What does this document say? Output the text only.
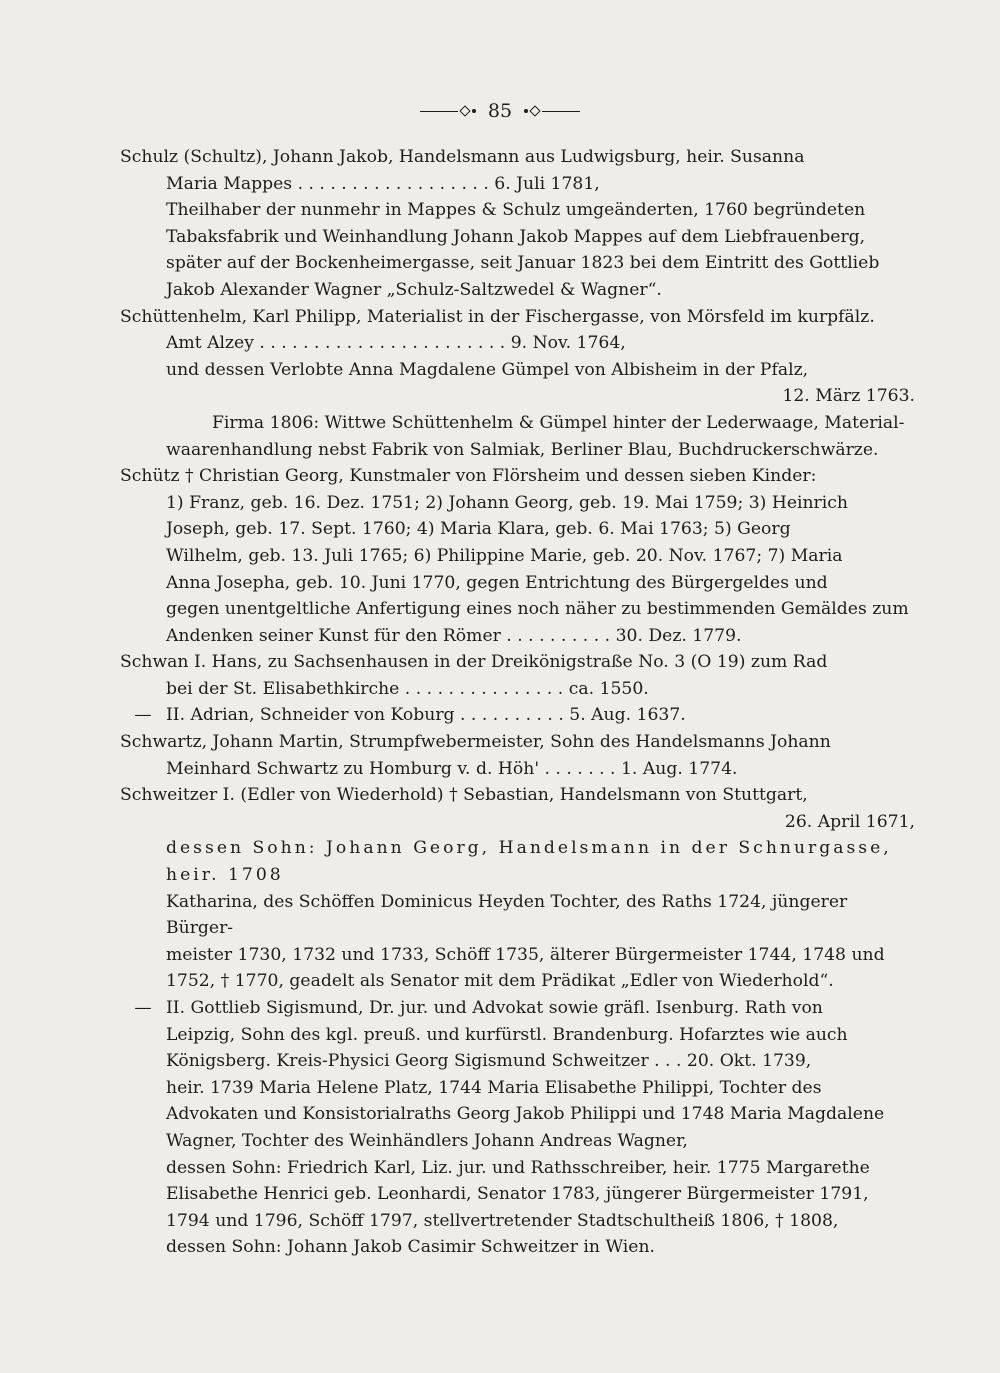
85
Schulz (Schultz), Johann Jakob, Handelsmann aus Ludwigsburg, heir. Susanna
Maria Mappes . . . . . . . . . . . . . . . . . . 6. Juli 1781,
Theilhaber der nunmehr in Mappes & Schulz umgeänderten, 1760 begründeten
Tabaksfabrik und Weinhandlung Johann Jakob Mappes auf dem Liebfrauenberg,
später auf der Bockenheimergasse, seit Januar 1823 bei dem Eintritt des Gottlieb
Jakob Alexander Wagner „Schulz-Saltzwedel & Wagner“.
Schüttenhelm, Karl Philipp, Materialist in der Fischergasse, von Mörsfeld im kurpfälz.
Amt Alzey . . . . . . . . . . . . . . . . . . . . . . . 9. Nov. 1764,
und dessen Verlobte Anna Magdalene Gümpel von Albisheim in der Pfalz,
12. März 1763.
Firma 1806: Wittwe Schüttenhelm & Gümpel hinter der Lederwaage, Material-
waarenhandlung nebst Fabrik von Salmiak, Berliner Blau, Buchdruckerschwärze.
Schütz † Christian Georg, Kunstmaler von Flörsheim und dessen sieben Kinder:
1) Franz, geb. 16. Dez. 1751; 2) Johann Georg, geb. 19. Mai 1759; 3) Heinrich
Joseph, geb. 17. Sept. 1760; 4) Maria Klara, geb. 6. Mai 1763; 5) Georg
Wilhelm, geb. 13. Juli 1765; 6) Philippine Marie, geb. 20. Nov. 1767; 7) Maria
Anna Josepha, geb. 10. Juni 1770, gegen Entrichtung des Bürgergeldes und
gegen unentgeltliche Anfertigung eines noch näher zu bestimmenden Gemäldes zum
Andenken seiner Kunst für den Römer . . . . . . . . . . 30. Dez. 1779.
Schwan I. Hans, zu Sachsenhausen in der Dreikönigstraße No. 3 (O 19) zum Rad
bei der St. Elisabethkirche . . . . . . . . . . . . . . . ca. 1550.
— II. Adrian, Schneider von Koburg . . . . . . . . . . 5. Aug. 1637.
Schwartz, Johann Martin, Strumpfwebermeister, Sohn des Handelsmanns Johann
Meinhard Schwartz zu Homburg v. d. Höh' . . . . . . . 1. Aug. 1774.
Schweitzer I. (Edler von Wiederhold) † Sebastian, Handelsmann von Stuttgart,
26. April 1671,
dessen Sohn: Johann Georg, Handelsmann in der Schnurgasse, heir. 1708
Katharina, des Schöffen Dominicus Heyden Tochter, des Raths 1724, jüngerer Bürger-
meister 1730, 1732 und 1733, Schöff 1735, älterer Bürgermeister 1744, 1748 und
1752, † 1770, geadelt als Senator mit dem Prädikat „Edler von Wiederhold“.
— II. Gottlieb Sigismund, Dr. jur. und Advokat sowie gräfl. Isenburg. Rath von
Leipzig, Sohn des kgl. preuß. und kurfürstl. Brandenburg. Hofarztes wie auch
Königsberg. Kreis-Physici Georg Sigismund Schweitzer . . . 20. Okt. 1739,
heir. 1739 Maria Helene Platz, 1744 Maria Elisabethe Philippi, Tochter des
Advokaten und Konsistorialraths Georg Jakob Philippi und 1748 Maria Magdalene
Wagner, Tochter des Weinhändlers Johann Andreas Wagner,
dessen Sohn: Friedrich Karl, Liz. jur. und Rathsschreiber, heir. 1775 Margarethe
Elisabethe Henrici geb. Leonhardi, Senator 1783, jüngerer Bürgermeister 1791,
1794 und 1796, Schöff 1797, stellvertretender Stadtschultheiß 1806, † 1808,
dessen Sohn: Johann Jakob Casimir Schweitzer in Wien.
